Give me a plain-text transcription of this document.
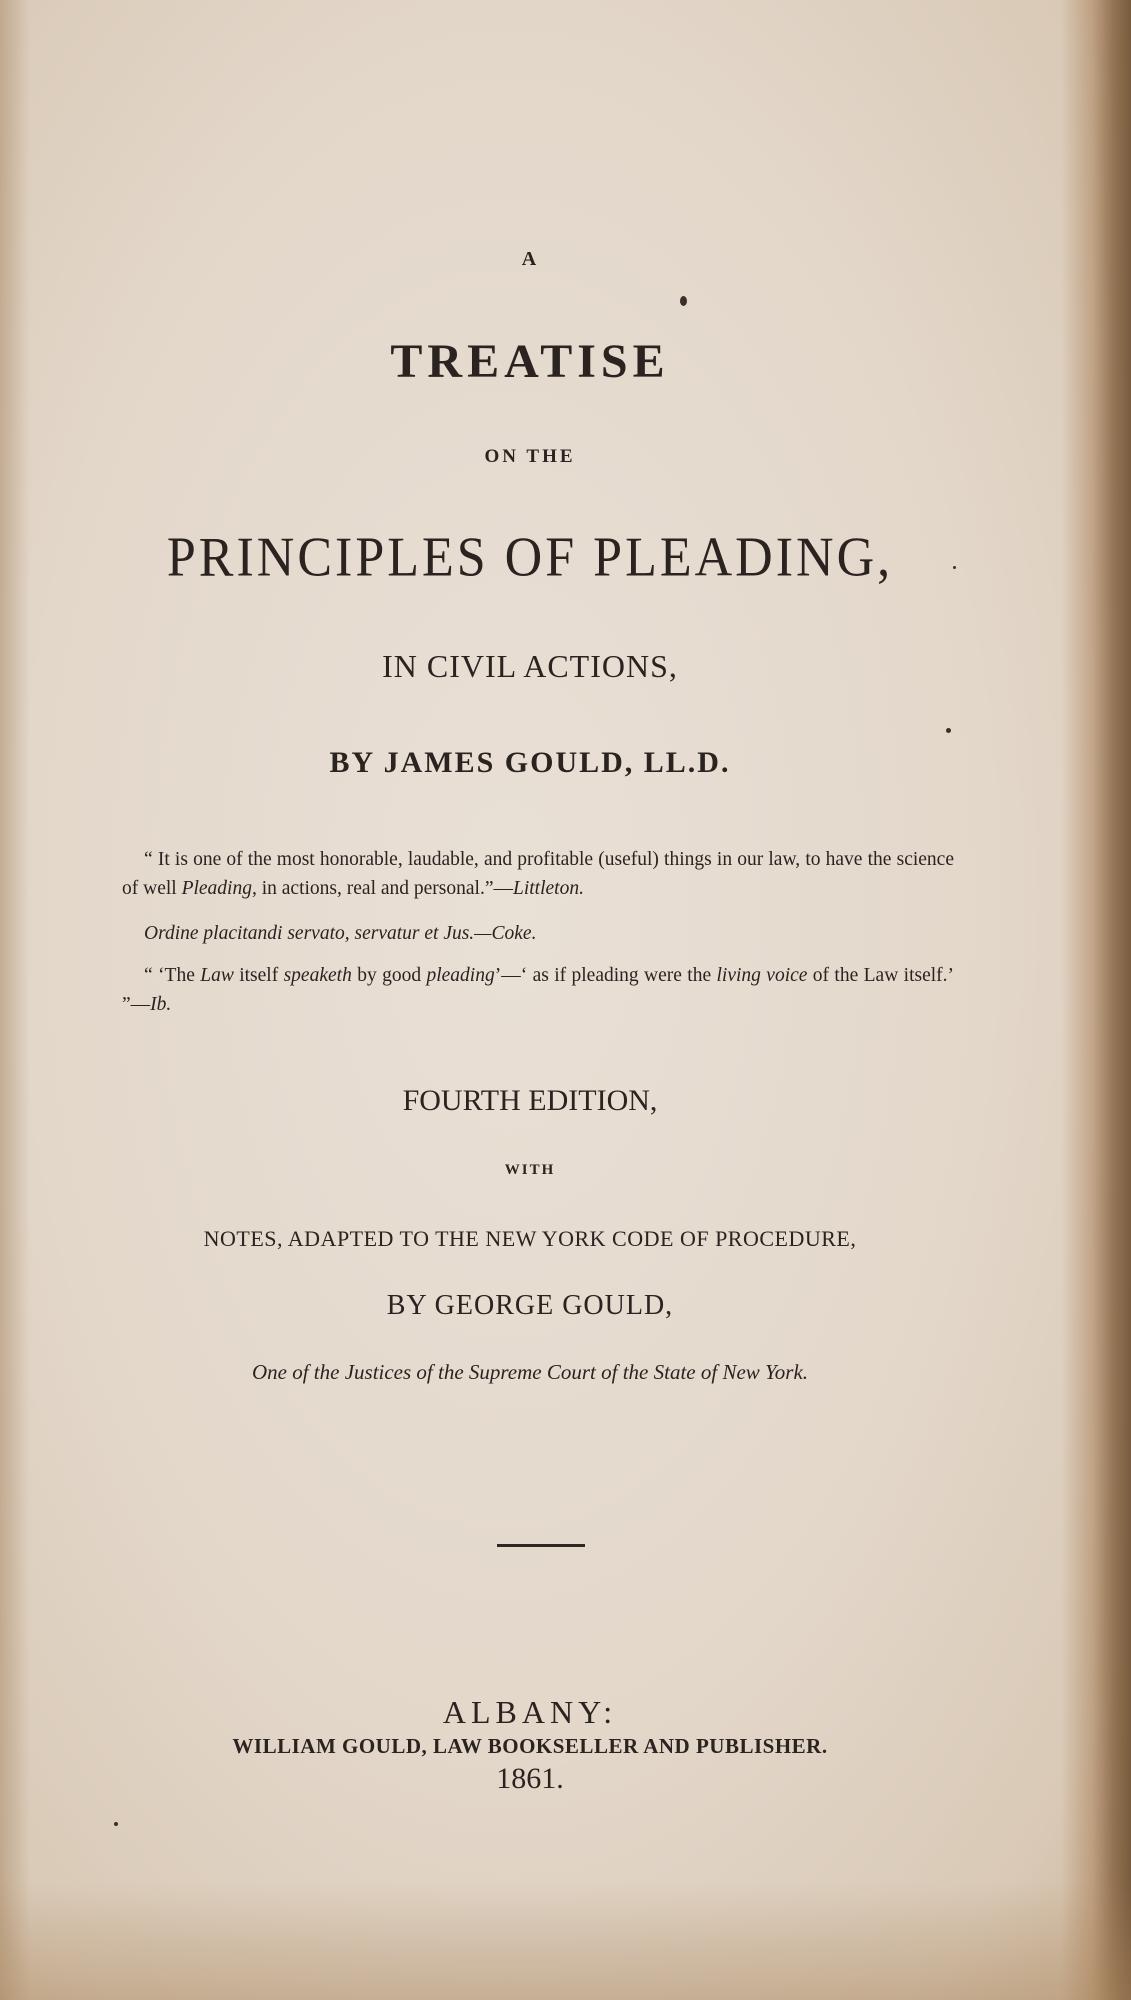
A
TREATISE
ON THE
PRINCIPLES OF PLEADING,
IN CIVIL ACTIONS,
BY JAMES GOULD, LL.D.
“ It is one of the most honorable, laudable, and profitable (useful) things in our law, to have the science of well Pleading, in actions, real and personal.”—Littleton.
Ordine placitandi servato, servatur et Jus.—Coke.
“ ‘The Law itself speaketh by good pleading’—‘ as if pleading were the living voice of the Law itself.’ ”—Ib.
FOURTH EDITION,
WITH
NOTES, ADAPTED TO THE NEW YORK CODE OF PROCEDURE,
BY GEORGE GOULD,
One of the Justices of the Supreme Court of the State of New York.
ALBANY:
WILLIAM GOULD, LAW BOOKSELLER AND PUBLISHER.
1861.
